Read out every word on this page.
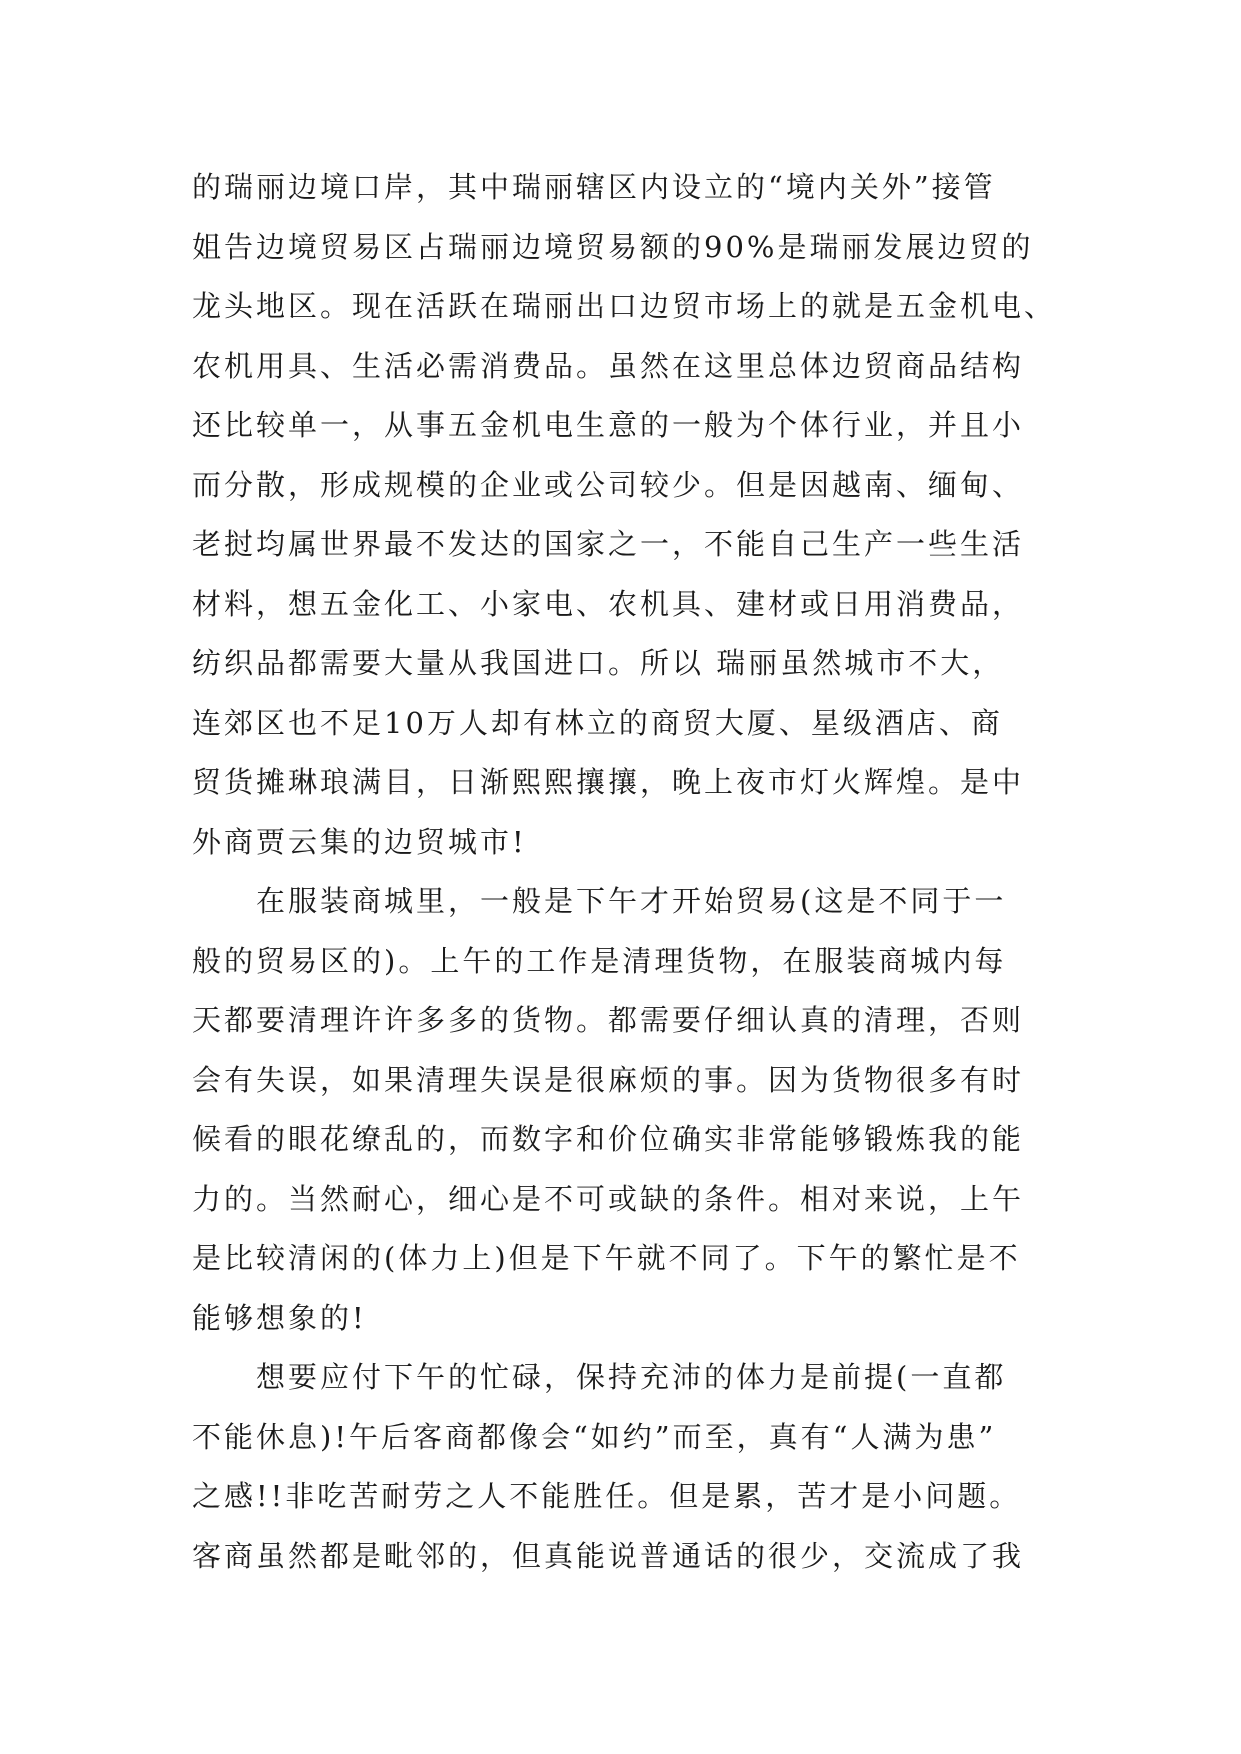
的瑞丽边境口岸，其中瑞丽辖区内设立的“境内关外”接管
姐告边境贸易区占瑞丽边境贸易额的90%是瑞丽发展边贸的
龙头地区。现在活跃在瑞丽出口边贸市场上的就是五金机电、
农机用具、生活必需消费品。虽然在这里总体边贸商品结构
还比较单一，从事五金机电生意的一般为个体行业，并且小
而分散，形成规模的企业或公司较少。但是因越南、缅甸、
老挝均属世界最不发达的国家之一，不能自己生产一些生活
材料，想五金化工、小家电、农机具、建材或日用消费品，
纺织品都需要大量从我国进口。所以 瑞丽虽然城市不大，
连郊区也不足10万人却有林立的商贸大厦、星级酒店、商
贸货摊琳琅满目，日渐熙熙攘攘，晚上夜市灯火辉煌。是中
外商贾云集的边贸城市!
在服装商城里，一般是下午才开始贸易(这是不同于一
般的贸易区的)。上午的工作是清理货物，在服装商城内每
天都要清理许许多多的货物。都需要仔细认真的清理，否则
会有失误，如果清理失误是很麻烦的事。因为货物很多有时
候看的眼花缭乱的，而数字和价位确实非常能够锻炼我的能
力的。当然耐心，细心是不可或缺的条件。相对来说，上午
是比较清闲的(体力上)但是下午就不同了。下午的繁忙是不
能够想象的!
想要应付下午的忙碌，保持充沛的体力是前提(一直都
不能休息)!午后客商都像会“如约”而至，真有“人满为患”
之感!!非吃苦耐劳之人不能胜任。但是累，苦才是小问题。
客商虽然都是毗邻的，但真能说普通话的很少，交流成了我
